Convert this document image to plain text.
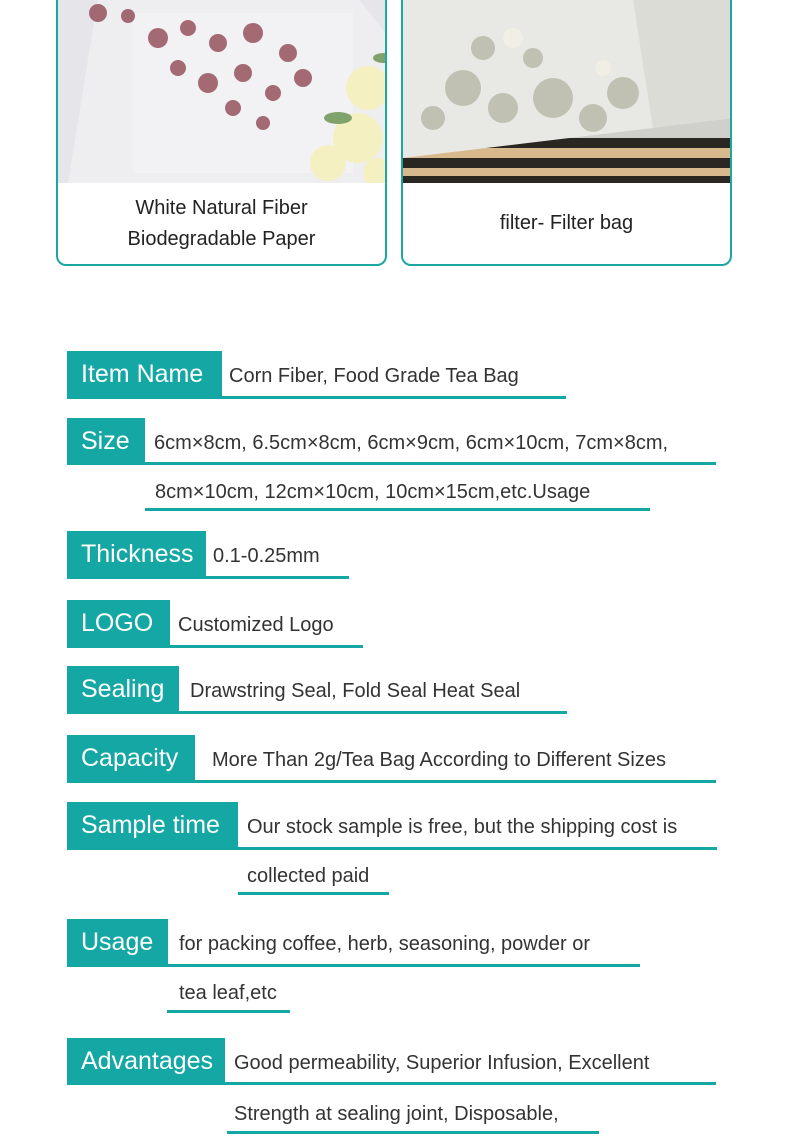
White Natural Fiber
Biodegradable Paper
filter- Filter bag
Item Name	Corn Fiber, Food Grade Tea Bag
Size	6cm×8cm, 6.5cm×8cm, 6cm×9cm, 6cm×10cm, 7cm×8cm,
8cm×10cm, 12cm×10cm, 10cm×15cm,etc.Usage
Thickness 0.1-0.25mm
LOGO	Customized Logo
Sealing	Drawstring Seal, Fold Seal Heat Seal
Capacity	More Than 2g/Tea Bag According to Different Sizes
Sample time	Our stock sample is free, but the shipping cost is
collected paid
Usage	for packing coffee, herb, seasoning, powder or
tea leaf,etc
Advantages	Good permeability, Superior Infusion, Excellent
Strength at sealing joint, Disposable,
